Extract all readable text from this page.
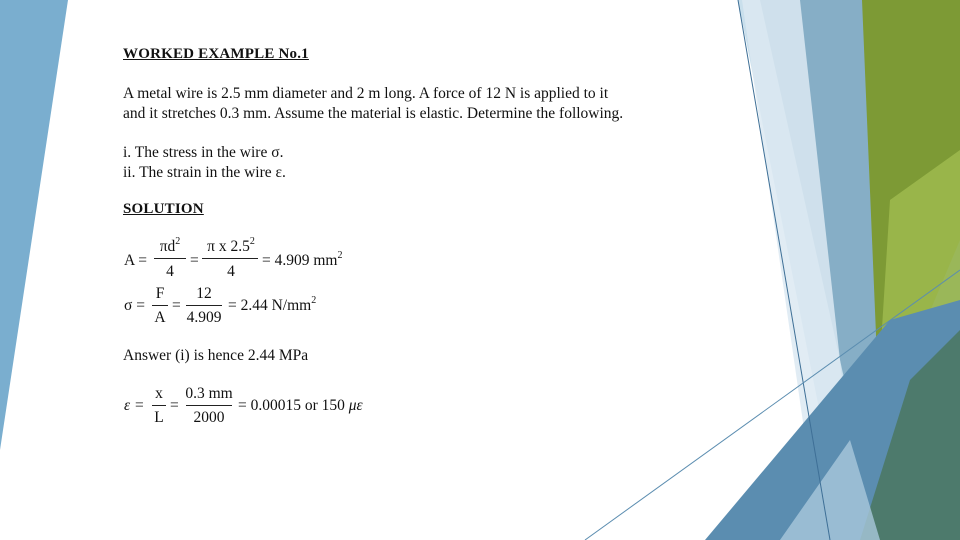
WORKED EXAMPLE No.1
A metal wire is 2.5 mm diameter and 2 m long. A force of 12 N is applied to it
and it stretches 0.3 mm. Assume the material is elastic. Determine the following.
i. The stress in the wire σ.
ii. The strain in the wire ε.
SOLUTION
A =
$\pi d^2$
4
=
π x $2.5^2$
4
= 4.909 $mm^2$
σ =
F
A
=
12
4.909
= 2.44 $N/mm^2$
Answer (i) is hence 2.44 MPa
ε =
x
L
=
0.3 mm
2000
= 0.00015 or 150 με
